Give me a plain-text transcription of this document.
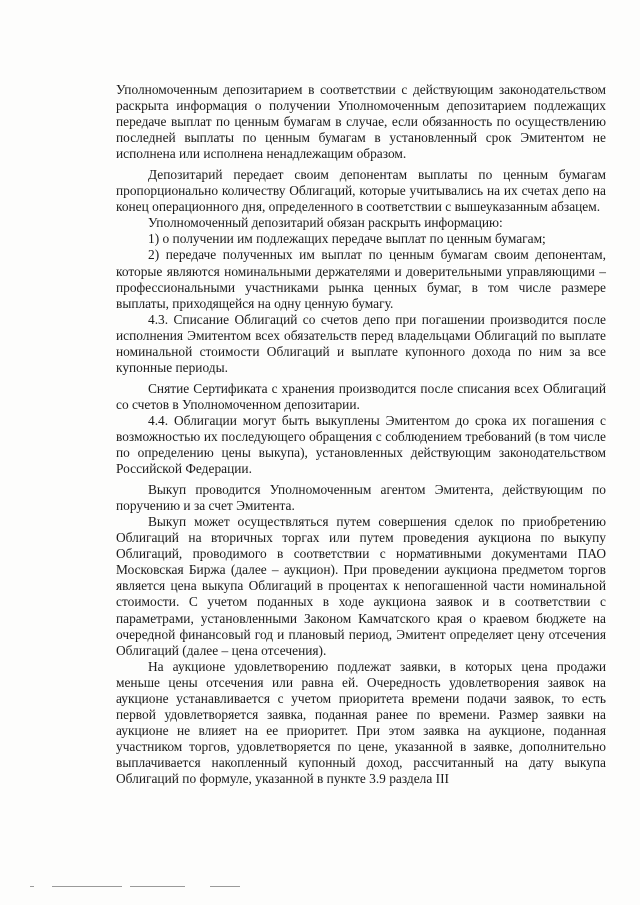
Уполномоченным депозитарием в соответствии с действующим законодательством раскрыта информация о получении Уполномоченным депозитарием подлежащих передаче выплат по ценным бумагам в случае, если обязанность по осуществлению последней выплаты по ценным бумагам в установленный срок Эмитентом не исполнена или исполнена ненадлежащим образом.

Депозитарий передает своим депонентам выплаты по ценным бумагам пропорционально количеству Облигаций, которые учитывались на их счетах депо на конец операционного дня, определенного в соответствии с вышеуказанным абзацем.

Уполномоченный депозитарий обязан раскрыть информацию:

1) о получении им подлежащих передаче выплат по ценным бумагам;

2) передаче полученных им выплат по ценным бумагам своим депонентам, которые являются номинальными держателями и доверительными управляющими – профессиональными участниками рынка ценных бумаг, в том числе размере выплаты, приходящейся на одну ценную бумагу.

4.3. Списание Облигаций со счетов депо при погашении производится после исполнения Эмитентом всех обязательств перед владельцами Облигаций по выплате номинальной стоимости Облигаций и выплате купонного дохода по ним за все купонные периоды.

Снятие Сертификата с хранения производится после списания всех Облигаций со счетов в Уполномоченном депозитарии.

4.4. Облигации могут быть выкуплены Эмитентом до срока их погашения с возможностью их последующего обращения с соблюдением требований (в том числе по определению цены выкупа), установленных действующим законодательством Российской Федерации.

Выкуп проводится Уполномоченным агентом Эмитента, действующим по поручению и за счет Эмитента.

Выкуп может осуществляться путем совершения сделок по приобретению Облигаций на вторичных торгах или путем проведения аукциона по выкупу Облигаций, проводимого в соответствии с нормативными документами ПАО Московская Биржа (далее – аукцион). При проведении аукциона предметом торгов является цена выкупа Облигаций в процентах к непогашенной части номинальной стоимости. С учетом поданных в ходе аукциона заявок и в соответствии с параметрами, установленными Законом Камчатского края о краевом бюджете на очередной финансовый год и плановый период, Эмитент определяет цену отсечения Облигаций (далее – цена отсечения).

На аукционе удовлетворению подлежат заявки, в которых цена продажи меньше цены отсечения или равна ей. Очередность удовлетворения заявок на аукционе устанавливается с учетом приоритета времени подачи заявок, то есть первой удовлетворяется заявка, поданная ранее по времени. Размер заявки на аукционе не влияет на ее приоритет. При этом заявка на аукционе, поданная участником торгов, удовлетворяется по цене, указанной в заявке, дополнительно выплачивается накопленный купонный доход, рассчитанный на дату выкупа Облигаций по формуле, указанной в пункте 3.9 раздела III
